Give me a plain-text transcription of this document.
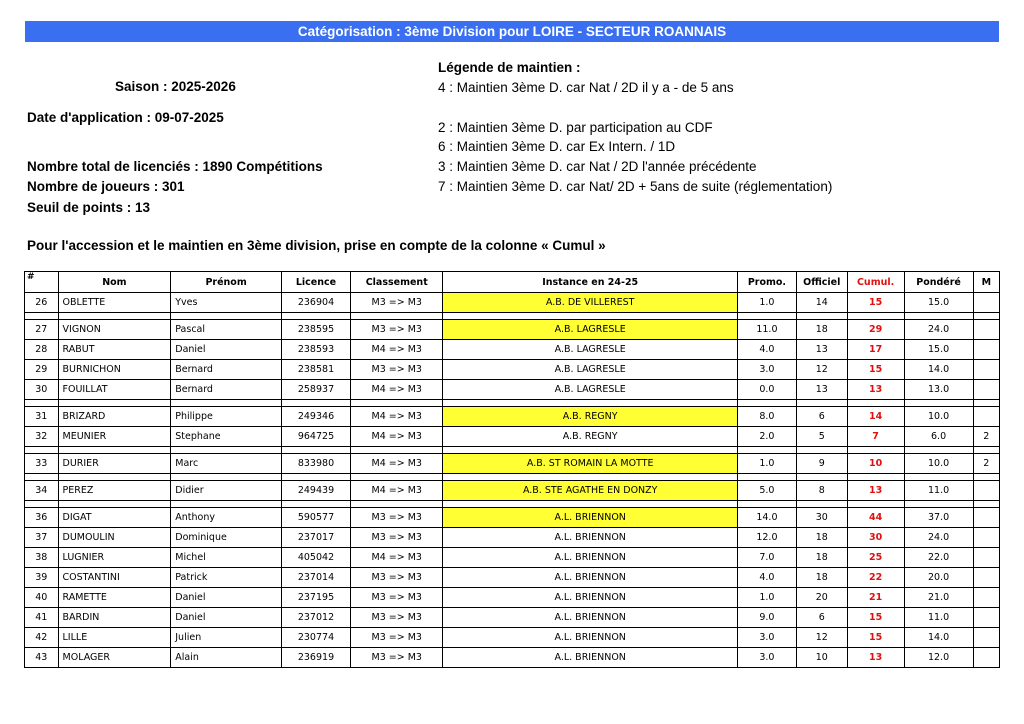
Catégorisation : 3ème Division pour LOIRE - SECTEUR ROANNAIS
Saison : 2025-2026
Date d'application : 09-07-2025
Nombre total de licenciés : 1890 Compétitions
Nombre de joueurs : 301
Seuil de points : 13
Légende de maintien :
4 : Maintien 3ème D. car Nat / 2D il y a - de 5 ans
2 : Maintien 3ème D. par participation au CDF
6 : Maintien 3ème D. car Ex Intern. / 1D
3 : Maintien 3ème D. car Nat / 2D l'année précédente
7 : Maintien 3ème D. car Nat/ 2D + 5ans de suite (réglementation)
Pour l'accession et le maintien en 3ème division, prise en compte de la colonne « Cumul »
#	Nom	Prénom	Licence	Classement	Instance en 24-25	Promo.	Officiel	Cumul.	Pondéré	M
26	OBLETTE	Yves	236904	M3 => M3	A.B. DE VILLEREST	1.0	14	15	15.0	

27	VIGNON	Pascal	238595	M3 => M3	A.B. LAGRESLE	11.0	18	29	24.0	
28	RABUT	Daniel	238593	M4 => M3	A.B. LAGRESLE	4.0	13	17	15.0	
29	BURNICHON	Bernard	238581	M3 => M3	A.B. LAGRESLE	3.0	12	15	14.0	
30	FOUILLAT	Bernard	258937	M4 => M3	A.B. LAGRESLE	0.0	13	13	13.0	

31	BRIZARD	Philippe	249346	M4 => M3	A.B. REGNY	8.0	6	14	10.0	
32	MEUNIER	Stephane	964725	M4 => M3	A.B. REGNY	2.0	5	7	6.0	2

33	DURIER	Marc	833980	M4 => M3	A.B. ST ROMAIN LA MOTTE	1.0	9	10	10.0	2

34	PEREZ	Didier	249439	M4 => M3	A.B. STE AGATHE EN DONZY	5.0	8	13	11.0	

36	DIGAT	Anthony	590577	M3 => M3	A.L. BRIENNON	14.0	30	44	37.0	
37	DUMOULIN	Dominique	237017	M3 => M3	A.L. BRIENNON	12.0	18	30	24.0	
38	LUGNIER	Michel	405042	M4 => M3	A.L. BRIENNON	7.0	18	25	22.0	
39	COSTANTINI	Patrick	237014	M3 => M3	A.L. BRIENNON	4.0	18	22	20.0	
40	RAMETTE	Daniel	237195	M3 => M3	A.L. BRIENNON	1.0	20	21	21.0	
41	BARDIN	Daniel	237012	M3 => M3	A.L. BRIENNON	9.0	6	15	11.0	
42	LILLE	Julien	230774	M3 => M3	A.L. BRIENNON	3.0	12	15	14.0	
43	MOLAGER	Alain	236919	M3 => M3	A.L. BRIENNON	3.0	10	13	12.0	
